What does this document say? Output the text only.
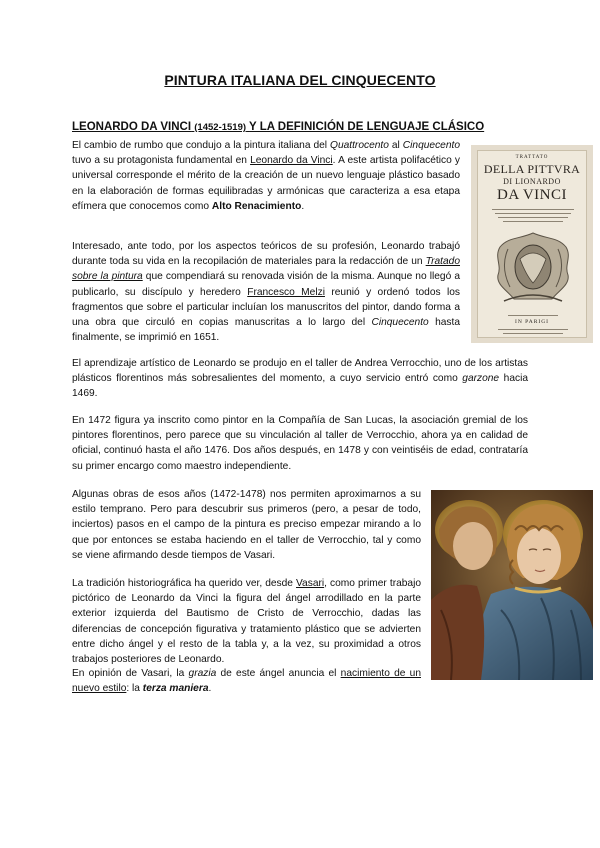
PINTURA ITALIANA DEL CINQUECENTO
LEONARDO DA VINCI (1452-1519) Y LA DEFINICIÓN DE LENGUAJE CLÁSICO

El cambio de rumbo que condujo a la pintura italiana del Quattrocento al Cinquecento tuvo a su protagonista fundamental en Leonardo da Vinci. A este artista polifacético y universal corresponde el mérito de la creación de un nuevo lenguaje plástico basado en la elaboración de formas equilibradas y armónicas que caracteriza a esa etapa efímera que conocemos como Alto Renacimiento.

Interesado, ante todo, por los aspectos teóricos de su profesión, Leonardo trabajó durante toda su vida en la recopilación de materiales para la redacción de un Tratado sobre la pintura que compendiará su renovada visión de la misma. Aunque no llegó a publicarlo, su discípulo y heredero Francesco Melzi reunió y ordenó todos los fragmentos que sobre el particular incluían los manuscritos del pintor, dando forma a una obra que circuló en copias manuscritas a lo largo del Cinquecento hasta finalmente, se imprimió en 1651.

El aprendizaje artístico de Leonardo se produjo en el taller de Andrea Verrocchio, uno de los artistas plásticos florentinos más sobresalientes del momento, a cuyo servicio entró como garzone hacia 1469.

En 1472 figura ya inscrito como pintor en la Compañía de San Lucas, la asociación gremial de los pintores florentinos, pero parece que su vinculación al taller de Verrocchio, ahora ya en calidad de oficial, continuó hasta el año 1476. Dos años después, en 1478 y con veintiséis de edad, contrataría su primer encargo como maestro independiente.

Algunas obras de esos años (1472-1478) nos permiten aproximarnos a su estilo temprano. Pero para descubrir sus primeros (pero, a pesar de todo, inciertos) pasos en el campo de la pintura es preciso empezar mirando a lo que por entonces se estaba haciendo en el taller de Verrocchio, tal y como se viene afirmando desde tiempos de Vasari.

La tradición historiográfica ha querido ver, desde Vasari, como primer trabajo pictórico de Leonardo da Vinci la figura del ángel arrodillado en la parte exterior izquierda del Bautismo de Cristo de Verrocchio, dadas las diferencias de concepción figurativa y tratamiento plástico que se advierten entre dicho ángel y el resto de la tabla y, a la vez, su proximidad a otros trabajos posteriores de Leonardo.

En opinión de Vasari, la grazia de este ángel anuncia el nacimiento de un nuevo estilo: la terza maniera.

TRATTATO
DELLA PITTVRA
DI LIONARDO
DA VINCI
IN PARIGI
